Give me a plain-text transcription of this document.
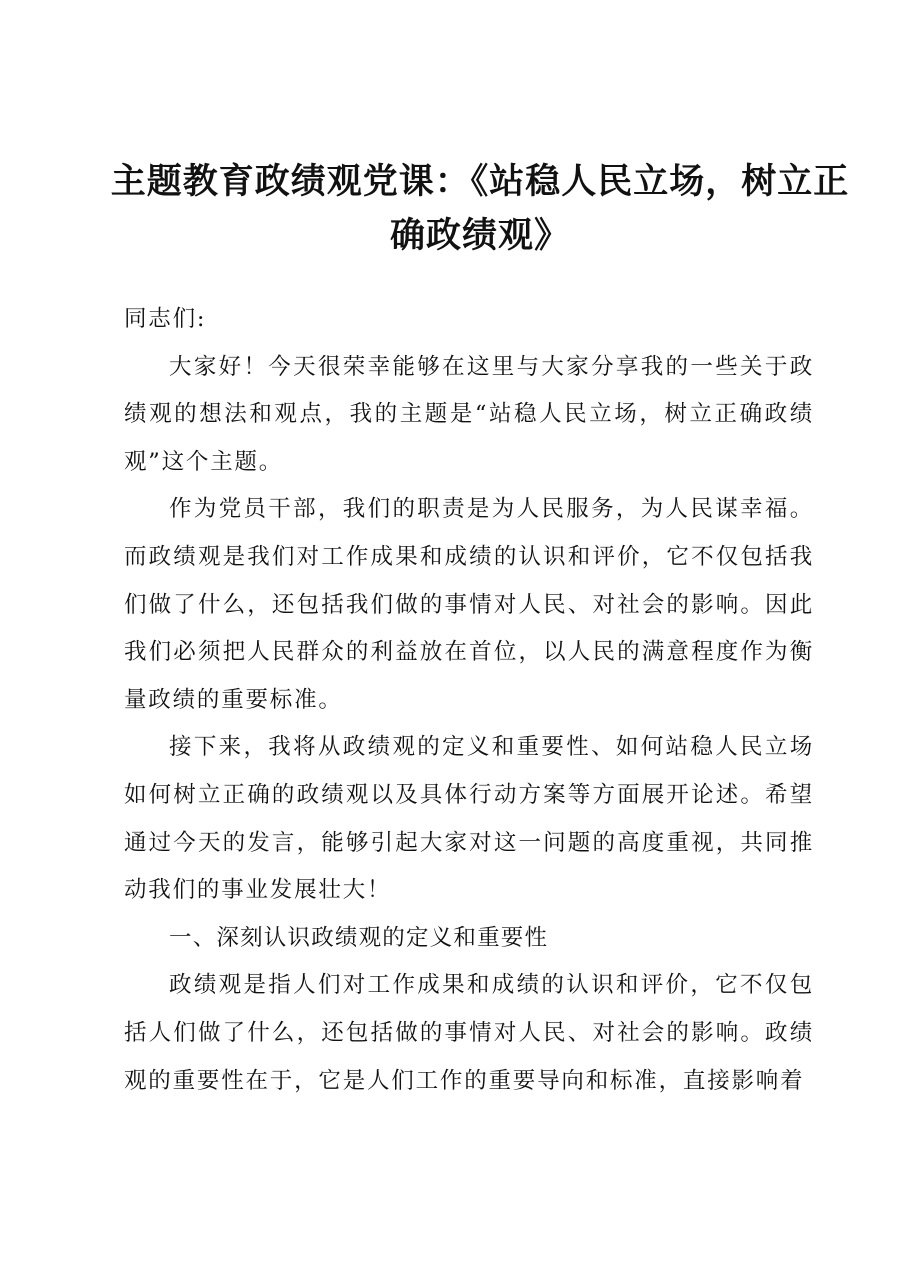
主题教育政绩观党课：《站稳人民立场，树立正
确政绩观》

同志们:

大家好！今天很荣幸能够在这里与大家分享我的一些关于政绩观的想法和观点，我的主题是“站稳人民立场，树立正确政绩观”这个主题。

作为党员干部，我们的职责是为人民服务，为人民谋幸福。而政绩观是我们对工作成果和成绩的认识和评价，它不仅包括我们做了什么，还包括我们做的事情对人民、对社会的影响。因此我们必须把人民群众的利益放在首位，以人民的满意程度作为衡量政绩的重要标准。

接下来，我将从政绩观的定义和重要性、如何站稳人民立场如何树立正确的政绩观以及具体行动方案等方面展开论述。希望通过今天的发言，能够引起大家对这一问题的高度重视，共同推动我们的事业发展壮大！

一、深刻认识政绩观的定义和重要性

政绩观是指人们对工作成果和成绩的认识和评价，它不仅包括人们做了什么，还包括做的事情对人民、对社会的影响。政绩观的重要性在于，它是人们工作的重要导向和标准，直接影响着
